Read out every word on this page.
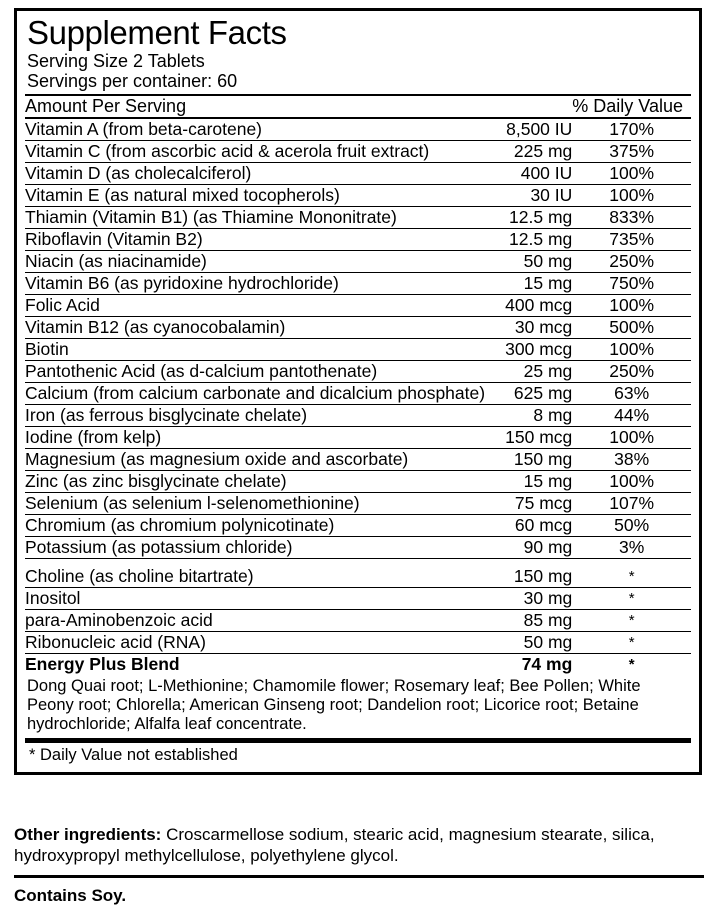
Supplement Facts
Serving Size 2 Tablets
Servings per container: 60
Amount Per Serving		% Daily Value
Vitamin A (from beta-carotene)	8,500 IU	170%
Vitamin C (from ascorbic acid & acerola fruit extract)	225 mg	375%
Vitamin D (as cholecalciferol)	400 IU	100%
Vitamin E (as natural mixed tocopherols)	30 IU	100%
Thiamin (Vitamin B1) (as Thiamine Mononitrate)	12.5 mg	833%
Riboflavin (Vitamin B2)	12.5 mg	735%
Niacin (as niacinamide)	50 mg	250%
Vitamin B6 (as pyridoxine hydrochloride)	15 mg	750%
Folic Acid	400 mcg	100%
Vitamin B12 (as cyanocobalamin)	30 mcg	500%
Biotin	300 mcg	100%
Pantothenic Acid (as d-calcium pantothenate)	25 mg	250%
Calcium (from calcium carbonate and dicalcium phosphate)	625 mg	63%
Iron (as ferrous bisglycinate chelate)	8 mg	44%
Iodine (from kelp)	150 mcg	100%
Magnesium (as magnesium oxide and ascorbate)	150 mg	38%
Zinc (as zinc bisglycinate chelate)	15 mg	100%
Selenium (as selenium l-selenomethionine)	75 mcg	107%
Chromium (as chromium polynicotinate)	60 mcg	50%
Potassium (as potassium chloride)	90 mg	3%

Choline (as choline bitartrate)	150 mg	*
Inositol	30 mg	*
para-Aminobenzoic acid	85 mg	*
Ribonucleic acid (RNA)	50 mg	*
Energy Plus Blend	74 mg	*
Dong Quai root; L-Methionine; Chamomile flower; Rosemary leaf; Bee Pollen; White Peony root; Chlorella; American Ginseng root; Dandelion root; Licorice root; Betaine hydrochloride; Alfalfa leaf concentrate.
* Daily Value not established

Other ingredients: Croscarmellose sodium, stearic acid, magnesium stearate, silica, hydroxypropyl methylcellulose, polyethylene glycol.

Contains Soy.
